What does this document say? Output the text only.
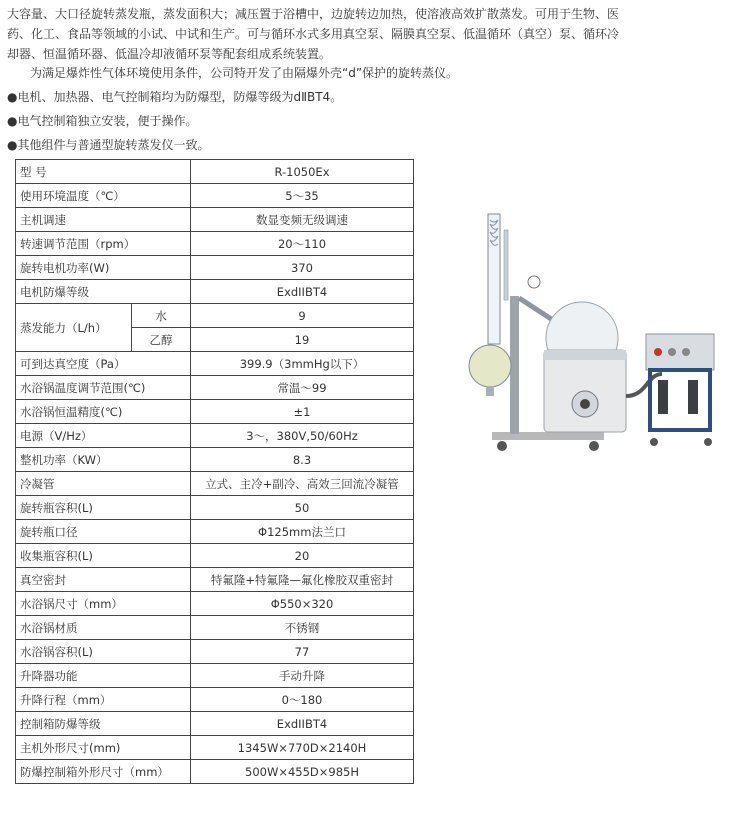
大容量、大口径旋转蒸发瓶，蒸发面积大；减压置于浴槽中，边旋转边加热，使溶液高效扩散蒸发。可用于生物、医药、化工、食品等领域的小试、中试和生产。可与循环水式多用真空泵、隔膜真空泵、低温循环（真空）泵、循环冷却器、恒温循环器、低温冷却液循环泵等配套组成系统装置。

为满足爆炸性气体环境使用条件，公司特开发了由隔爆外壳“d”保护的旋转蒸仪。

●电机、加热器、电气控制箱均为防爆型，防爆等级为dⅡBT4。

●电气控制箱独立安装，便于操作。

●其他组件与普通型旋转蒸发仪一致。

型 号		R-1050Ex
使用环境温度（℃）		5～35
主机调速		数显变频无级调速
转速调节范围（rpm）		20～110
旋转电机功率(W)		370
电机防爆等级		ExdIIBT4
蒸发能力（L/h）	水	9
	乙醇	19
可到达真空度（Pa）		399.9（3mmHg以下）
水浴锅温度调节范围(℃)		常温～99
水浴锅恒温精度(℃)		±1
电源（V/Hz）		3～，380V,50/60Hz
整机功率（KW）		8.3
冷凝管		立式、主冷+副冷、高效三回流冷凝管
旋转瓶容积(L)		50
旋转瓶口径		Φ125mm法兰口
收集瓶容积(L)		20
真空密封		特氟隆+特氟隆—氟化橡胶双重密封
水浴锅尺寸（mm）		Φ550×320
水浴锅材质		不锈钢
水浴锅容积(L)		77
升降器功能		手动升降
升降行程（mm）		0～180
控制箱防爆等级		ExdIIBT4
主机外形尺寸(mm)		1345W×770D×2140H
防爆控制箱外形尺寸（mm）		500W×455D×985H
